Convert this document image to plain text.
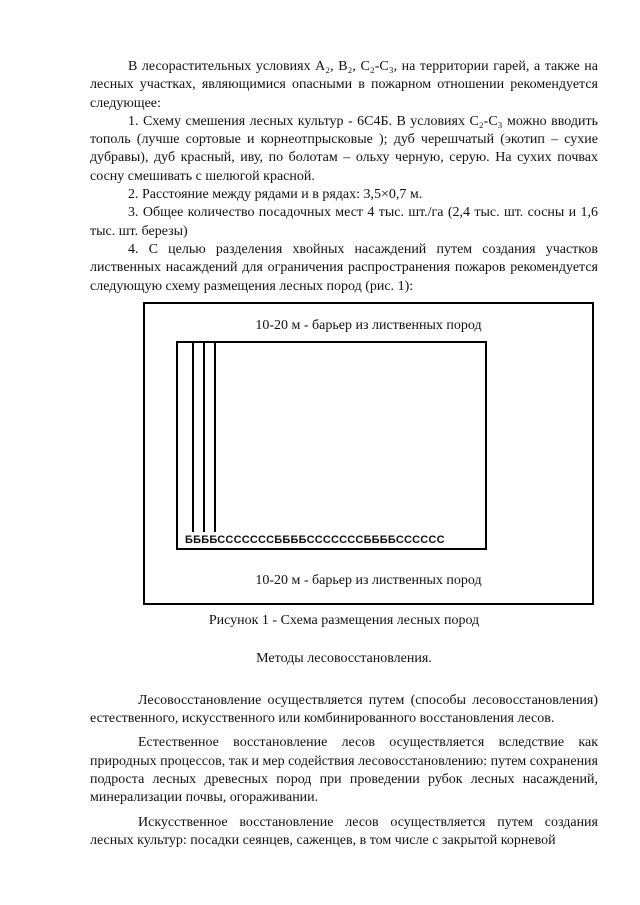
В лесорастительных условиях А₂, В₂, С₂-С₃, на территории гарей, а также на лесных участках, являющимися опасными в пожарном отношении рекомендуется следующее:

1. Схему смешения лесных культур - 6С4Б. В условиях С₂-С₃ можно вводить тополь (лучше сортовые и корнеотпрысковые ); дуб черешчатый (экотип – сухие дубравы), дуб красный, иву, по болотам – ольху черную, серую. На сухих почвах сосну смешивать с шелюгой красной.

2. Расстояние между рядами и в рядах: 3,5×0,7 м.

3. Общее количество посадочных мест 4 тыс. шт./га (2,4 тыс. шт. сосны и 1,6 тыс. шт. березы)

4. С целью разделения хвойных насаждений путем создания участков лиственных насаждений для ограничения распространения пожаров рекомендуется следующую схему размещения лесных пород (рис. 1):

10-20 м - барьер из лиственных пород
ББББСССССССББББСССССССББББСССССС
10-20 м - барьер из лиственных пород
Рисунок 1 - Схема размещения лесных пород
Методы лесовосстановления.

Лесовосстановление осуществляется путем (способы лесовосстановления) естественного, искусственного или комбинированного восстановления лесов.

Естественное восстановление лесов осуществляется вследствие как природных процессов, так и мер содействия лесовосстановлению: путем сохранения подроста лесных древесных пород при проведении рубок лесных насаждений, минерализации почвы, огораживании.

Искусственное восстановление лесов осуществляется путем создания лесных культур: посадки сеянцев, саженцев, в том числе с закрытой корневой
